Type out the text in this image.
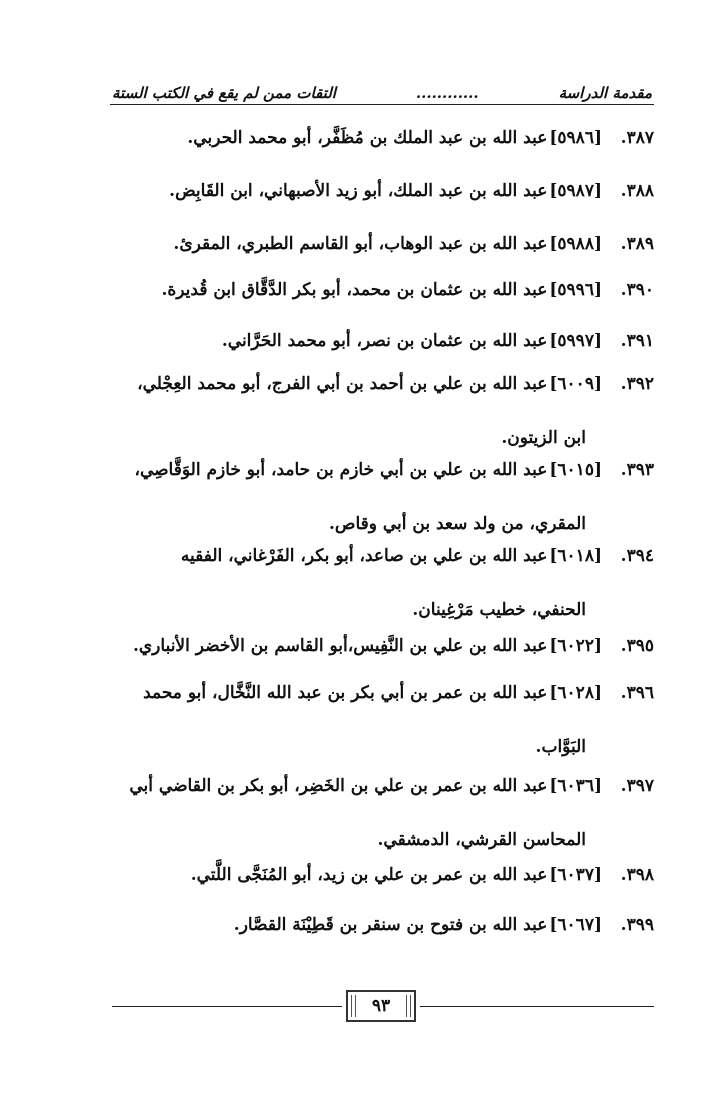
مقدمة الدراسة
............
التقات ممن لم يقع في الكتب الستة
٣٨٧.
[٥٩٨٦]
عبد الله بن عبد الملك بن مُظَفَّر، أبو محمد الحربي.
٣٨٨.
[٥٩٨٧]
عبد الله بن عبد الملك، أبو زيد الأصبهاني، ابن القَابِض.
٣٨٩.
[٥٩٨٨]
عبد الله بن عبد الوهاب، أبو القاسم الطبري، المقرئ.
٣٩٠.
[٥٩٩٦]
عبد الله بن عثمان بن محمد، أبو بكر الدَّقَّاق ابن قُديرة.
٣٩١.
[٥٩٩٧]
عبد الله بن عثمان بن نصر، أبو محمد الحَرَّاني.
٣٩٢.
[٦٠٠٩]
عبد الله بن علي بن أحمد بن أبي الفرج، أبو محمد العِجْلي،
ابن الزيتون.
٣٩٣.
[٦٠١٥]
عبد الله بن علي بن أبي خازم بن حامد، أبو خازم الوَقَّاصِي،
المقري، من ولد سعد بن أبي وقاص.
٣٩٤.
[٦٠١٨]
عبد الله بن علي بن صاعد، أبو بكر، الفَرْغاني، الفقيه
الحنفي، خطيب مَرْغِينان.
٣٩٥.
[٦٠٢٢]
عبد الله بن علي بن النَّفِيس،أبو القاسم بن الأخضر الأنباري.
٣٩٦.
[٦٠٢٨]
عبد الله بن عمر بن أبي بكر بن عبد الله النَّخَّال، أبو محمد
البَوَّاب.
٣٩٧.
[٦٠٣٦]
عبد الله بن عمر بن علي بن الخَضِر، أبو بكر بن القاضي أبي
المحاسن القرشي، الدمشقي.
٣٩٨.
[٦٠٣٧]
عبد الله بن عمر بن علي بن زيد، أبو المُنَجَّى اللَّتي.
٣٩٩.
[٦٠٦٧]
عبد الله بن فتوح بن سنقر بن قَطِيْنَة القصَّار.
٩٣
